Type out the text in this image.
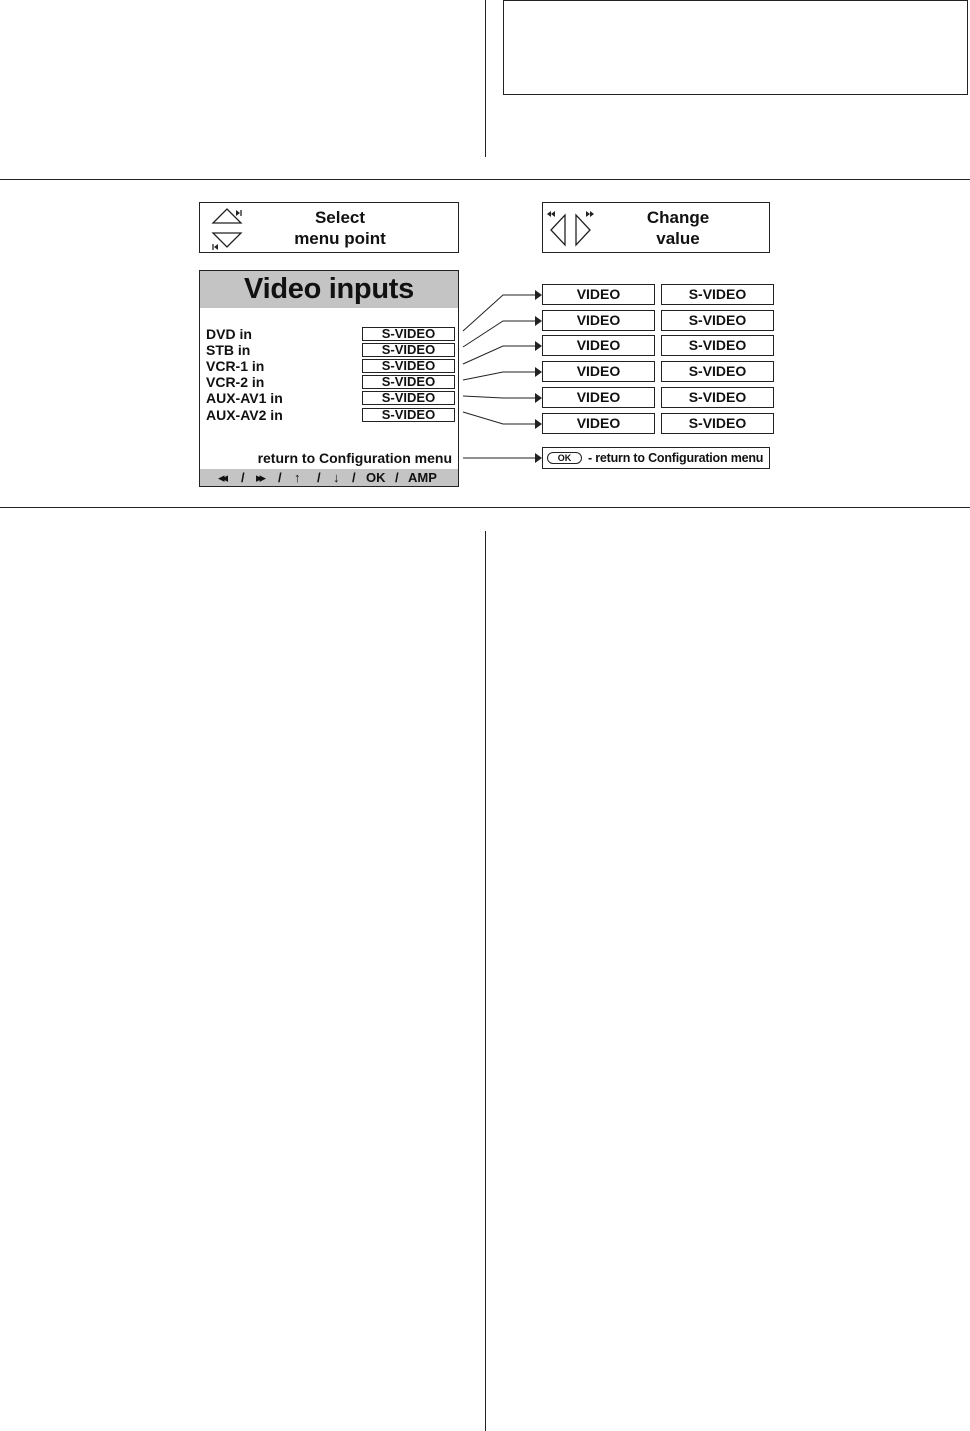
Select
menu point
Change
value
Video inputs
DVD in	S-VIDEO
STB in	S-VIDEO
VCR-1 in	S-VIDEO
VCR-2 in	S-VIDEO
AUX-AV1 in	S-VIDEO
AUX-AV2 in	S-VIDEO
return to Configuration menu
◂◂ / ▸▸ / ↑ / ↓ / OK / AMP
VIDEO	S-VIDEO
VIDEO	S-VIDEO
VIDEO	S-VIDEO
VIDEO	S-VIDEO
VIDEO	S-VIDEO
VIDEO	S-VIDEO
OK	- return to Configuration menu
